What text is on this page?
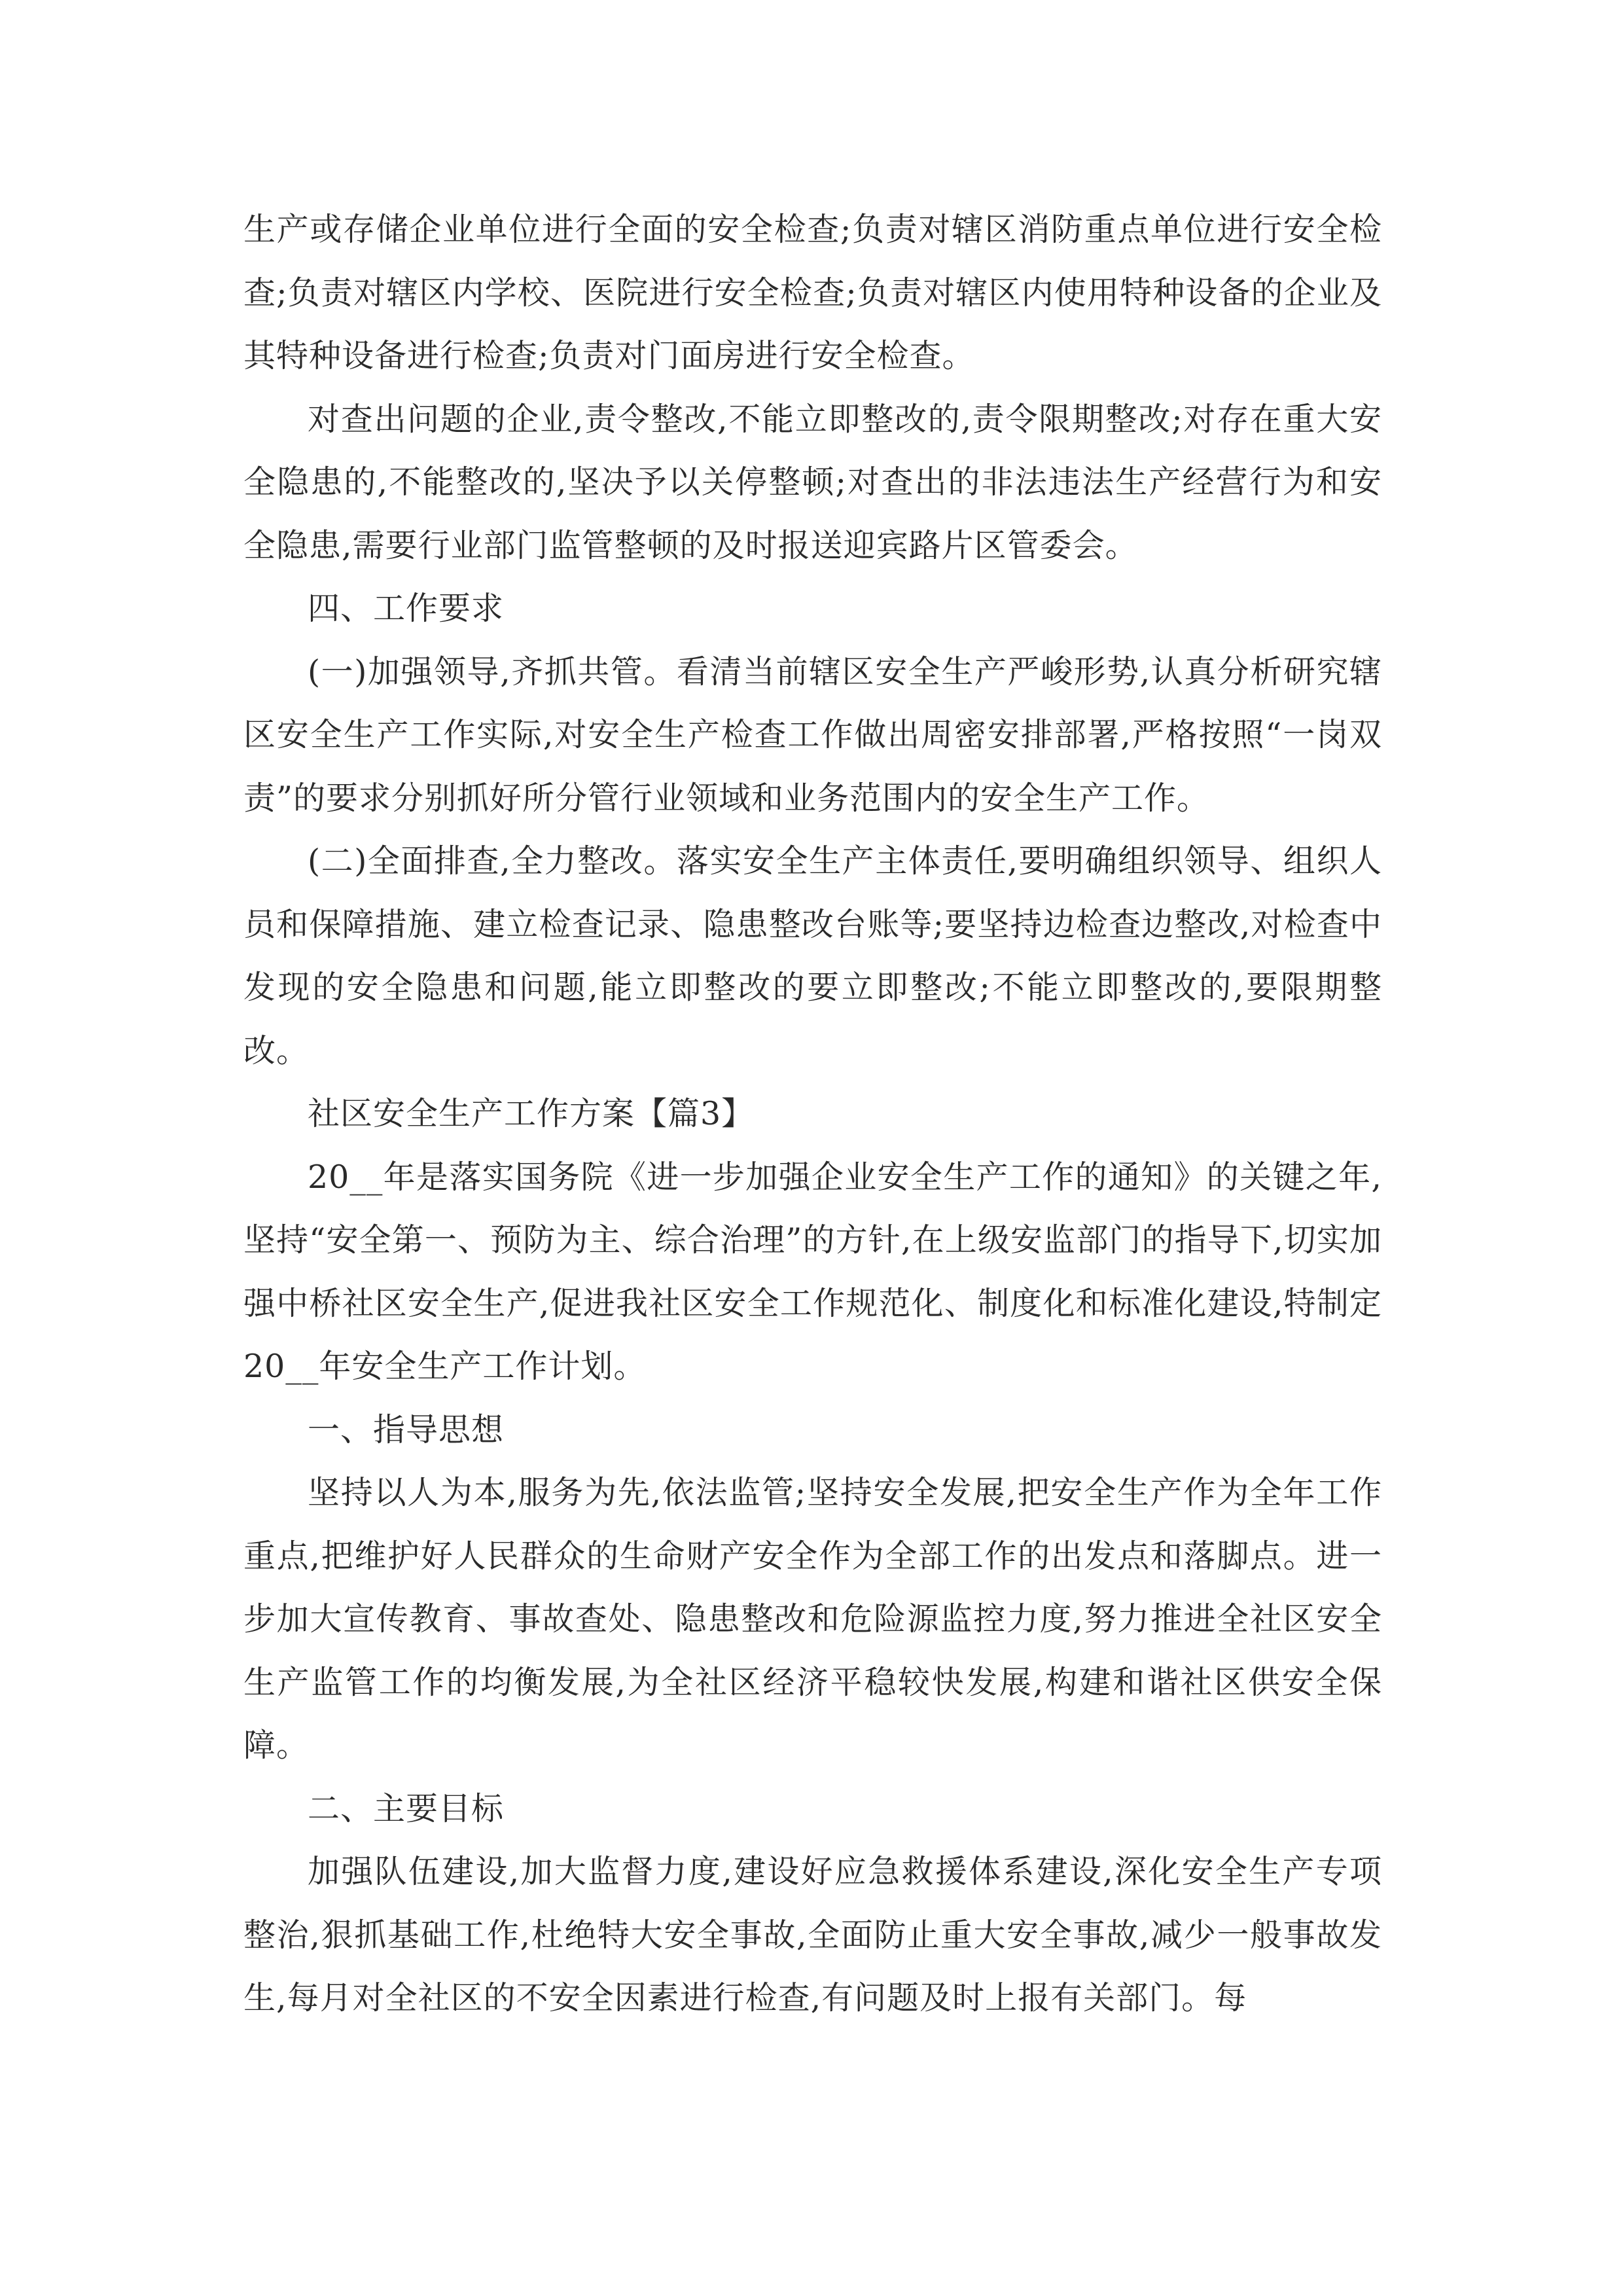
生产或存储企业单位进行全面的安全检查;负责对辖区消防重点单位进行安全检查;负责对辖区内学校、医院进行安全检查;负责对辖区内使用特种设备的企业及其特种设备进行检查;负责对门面房进行安全检查。

对查出问题的企业,责令整改,不能立即整改的,责令限期整改;对存在重大安全隐患的,不能整改的,坚决予以关停整顿;对查出的非法违法生产经营行为和安全隐患,需要行业部门监管整顿的及时报送迎宾路片区管委会。

四、工作要求

(一)加强领导,齐抓共管。看清当前辖区安全生产严峻形势,认真分析研究辖区安全生产工作实际,对安全生产检查工作做出周密安排部署,严格按照“一岗双责”的要求分别抓好所分管行业领域和业务范围内的安全生产工作。

(二)全面排查,全力整改。落实安全生产主体责任,要明确组织领导、组织人员和保障措施、建立检查记录、隐患整改台账等;要坚持边检查边整改,对检查中发现的安全隐患和问题,能立即整改的要立即整改;不能立即整改的,要限期整改。

社区安全生产工作方案【篇3】

20__年是落实国务院《进一步加强企业安全生产工作的通知》的关键之年,坚持“安全第一、预防为主、综合治理”的方针,在上级安监部门的指导下,切实加强中桥社区安全生产,促进我社区安全工作规范化、制度化和标准化建设,特制定20__年安全生产工作计划。

一、指导思想

坚持以人为本,服务为先,依法监管;坚持安全发展,把安全生产作为全年工作重点,把维护好人民群众的生命财产安全作为全部工作的出发点和落脚点。进一步加大宣传教育、事故查处、隐患整改和危险源监控力度,努力推进全社区安全生产监管工作的均衡发展,为全社区经济平稳较快发展,构建和谐社区供安全保障。

二、主要目标

加强队伍建设,加大监督力度,建设好应急救援体系建设,深化安全生产专项整治,狠抓基础工作,杜绝特大安全事故,全面防止重大安全事故,减少一般事故发生,每月对全社区的不安全因素进行检查,有问题及时上报有关部门。每
